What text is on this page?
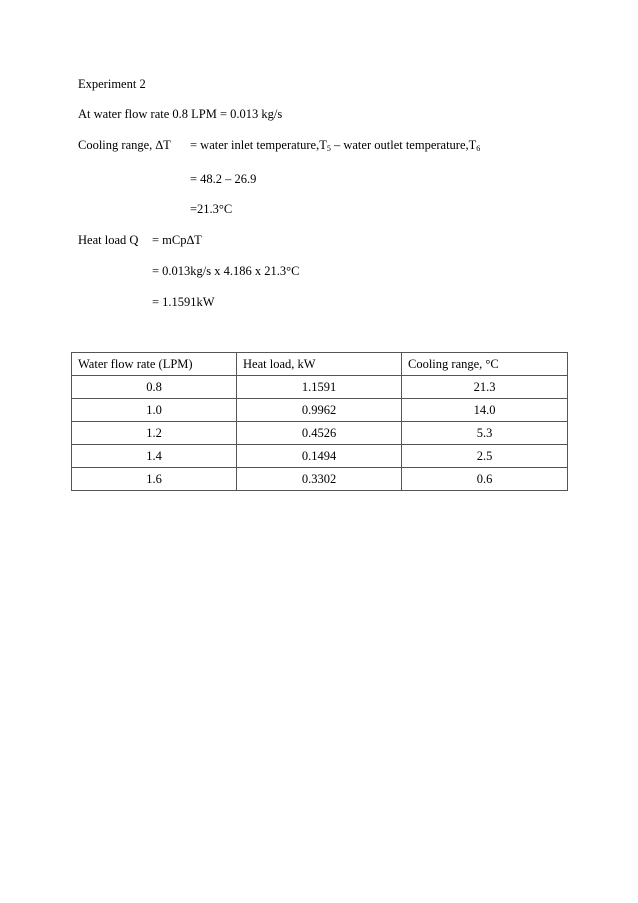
Experiment 2
At water flow rate 0.8 LPM = 0.013 kg/s
Cooling range, ∆T = water inlet $temperature,T_5$ – water outlet $temperature,T_6$
= 48.2 – 26.9
=21.3°C
Heat load Q = mCp∆T
= 0.013kg/s x 4.186 x 21.3°C
= 1.1591kW
Water flow rate (LPM)	Heat load, kW	Cooling range, °C
0.8	1.1591	21.3
1.0	0.9962	14.0
1.2	0.4526	5.3
1.4	0.1494	2.5
1.6	0.3302	0.6
